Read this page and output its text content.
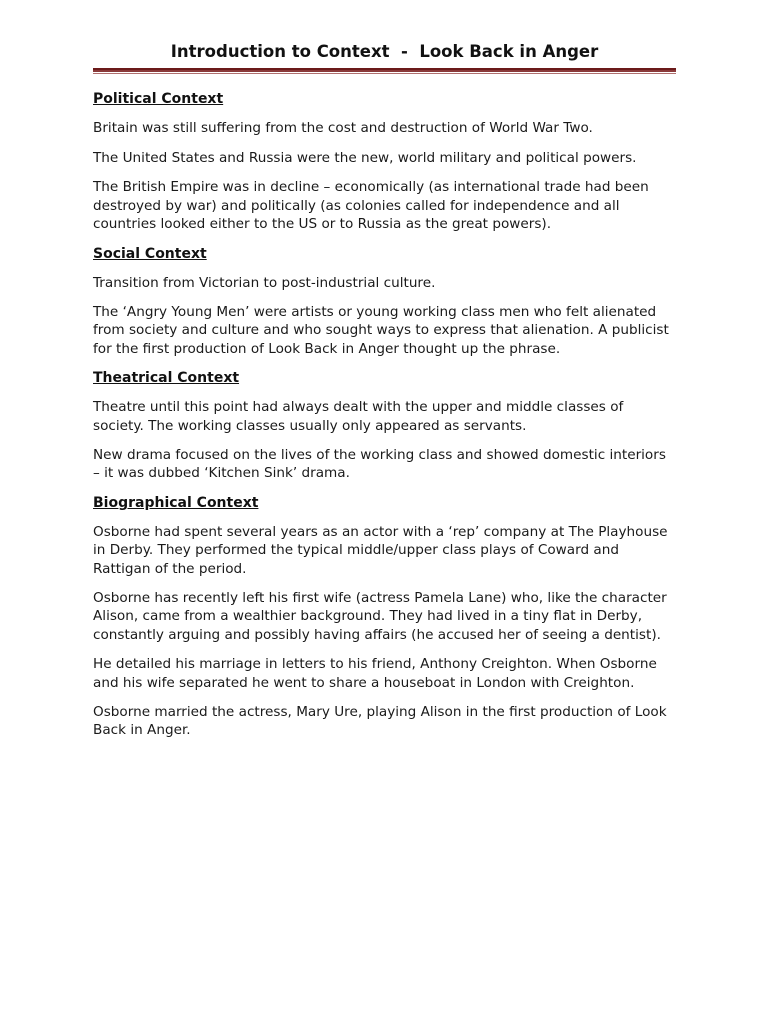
Introduction to Context  -  Look Back in Anger
Political Context

Britain was still suffering from the cost and destruction of World War Two.

The United States and Russia were the new, world military and political powers.

The British Empire was in decline – economically (as international trade had been destroyed by war) and politically (as colonies called for independence and all countries looked either to the US or to Russia as the great powers).

Social Context

Transition from Victorian to post-industrial culture.

The ‘Angry Young Men’ were artists or young working class men who felt alienated from society and culture and who sought ways to express that alienation. A publicist for the first production of Look Back in Anger thought up the phrase.

Theatrical Context

Theatre until this point had always dealt with the upper and middle classes of society. The working classes usually only appeared as servants.

New drama focused on the lives of the working class and showed domestic interiors – it was dubbed ‘Kitchen Sink’ drama.

Biographical Context

Osborne had spent several years as an actor with a ‘rep’ company at The Playhouse in Derby. They performed the typical middle/upper class plays of Coward and Rattigan of the period.

Osborne has recently left his first wife (actress Pamela Lane) who, like the character Alison, came from a wealthier background. They had lived in a tiny flat in Derby, constantly arguing and possibly having affairs (he accused her of seeing a dentist).

He detailed his marriage in letters to his friend, Anthony Creighton. When Osborne and his wife separated he went to share a houseboat in London with Creighton.

Osborne married the actress, Mary Ure, playing Alison in the first production of Look Back in Anger.
